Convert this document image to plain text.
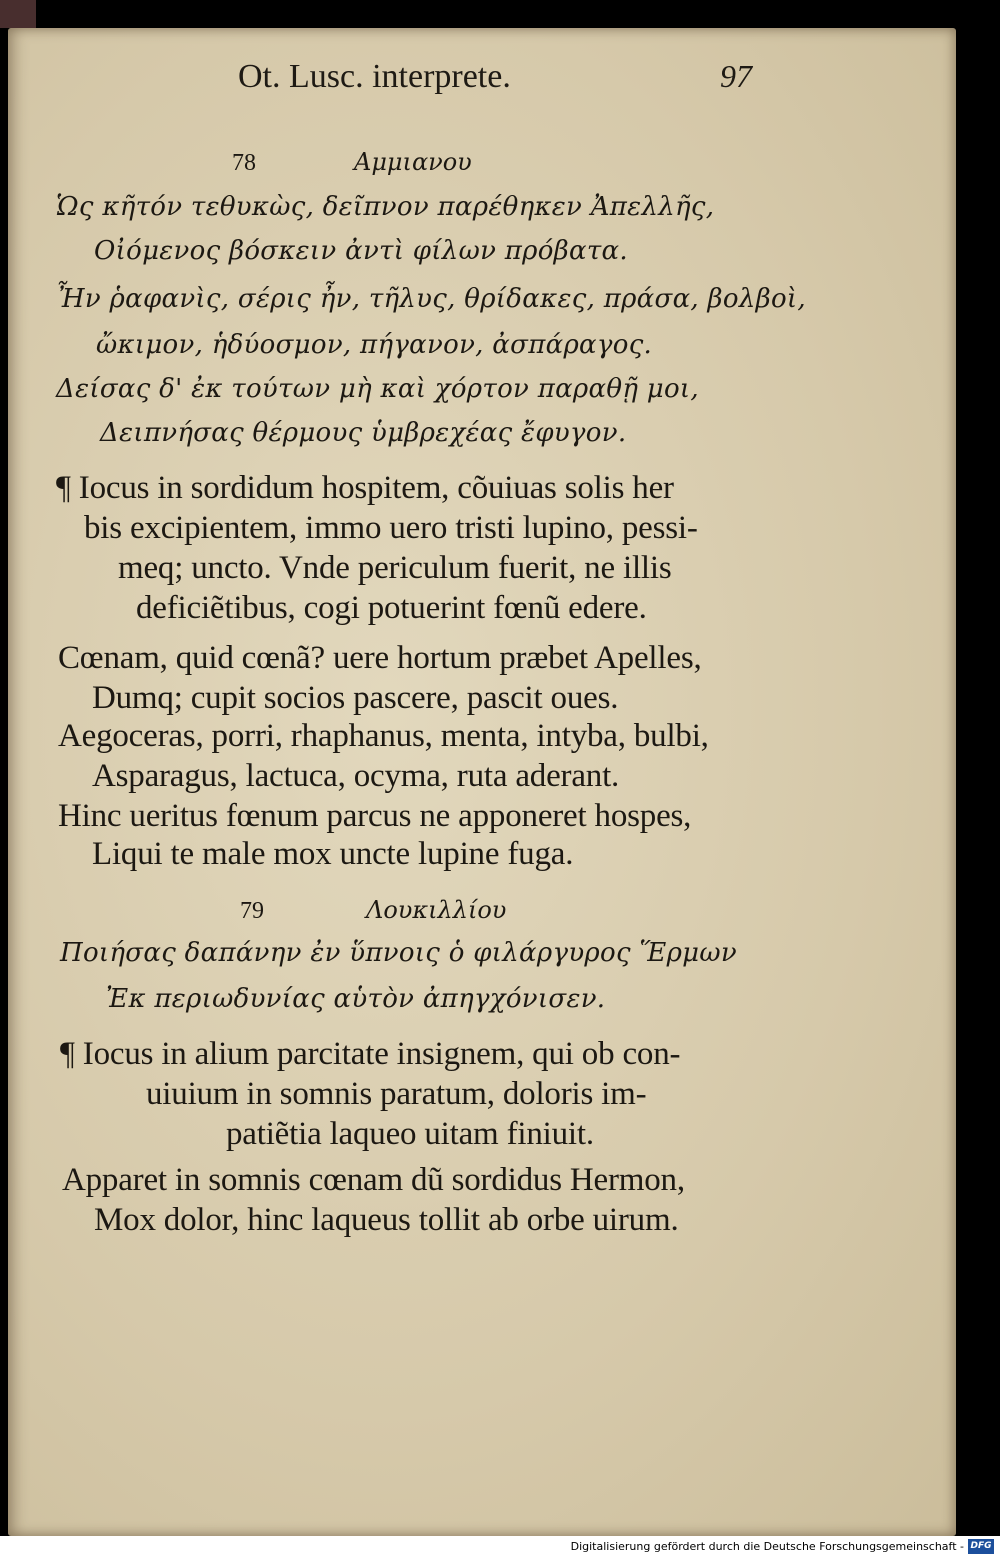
Ot. Lusc. interprete.	97
78	Αμμιανου
Ὡς κῆτόν τεθυκὼς, δεῖπνον παρέθηκεν Ἀπελλῆς,
Οἰόμενος βόσκειν ἀντὶ φίλων πρόβατα.
Ἦν ῥαφανὶς, σέρις ἦν, τῆλυς, θρίδακες, πράσα, βολβοὶ,
ὤκιμον, ἡδύοσμον, πήγανον, ἀσπάραγος.
Δείσας δ' ἐκ τούτων μὴ καὶ χόρτον παραθῇ μοι,
Δειπνήσας θέρμους ὑμβρεχέας ἔφυγον.
¶ Iocus in sordidum hospitem, cõuiuas solis her
bis excipientem, immo uero tristi lupino, pessi-
meq; uncto. Vnde periculum fuerit, ne illis
deficiẽtibus, cogi potuerint fœnũ edere.
Cœnam, quid cœnã? uere hortum præbet Apelles,
Dumq; cupit socios pascere, pascit oues.
Aegoceras, porri, rhaphanus, menta, intyba, bulbi,
Asparagus, lactuca, ocyma, ruta aderant.
Hinc ueritus fœnum parcus ne apponeret hospes,
Liqui te male mox uncte lupine fuga.
79	Λουκιλλίου
Ποιήσας δαπάνην ἐν ὕπνοις ὁ φιλάργυρος Ἕρμων
Ἐκ περιωδυνίας αὑτὸν ἀπηγχόνισεν.
¶ Iocus in alium parcitate insignem, qui ob con-
uiuium in somnis paratum, doloris im-
patiẽtia laqueo uitam finiuit.
Apparet in somnis cœnam dũ sordidus Hermon,
Mox dolor, hinc laqueus tollit ab orbe uirum.
Digitalisierung gefördert durch die Deutsche Forschungsgemeinschaft - DFG
